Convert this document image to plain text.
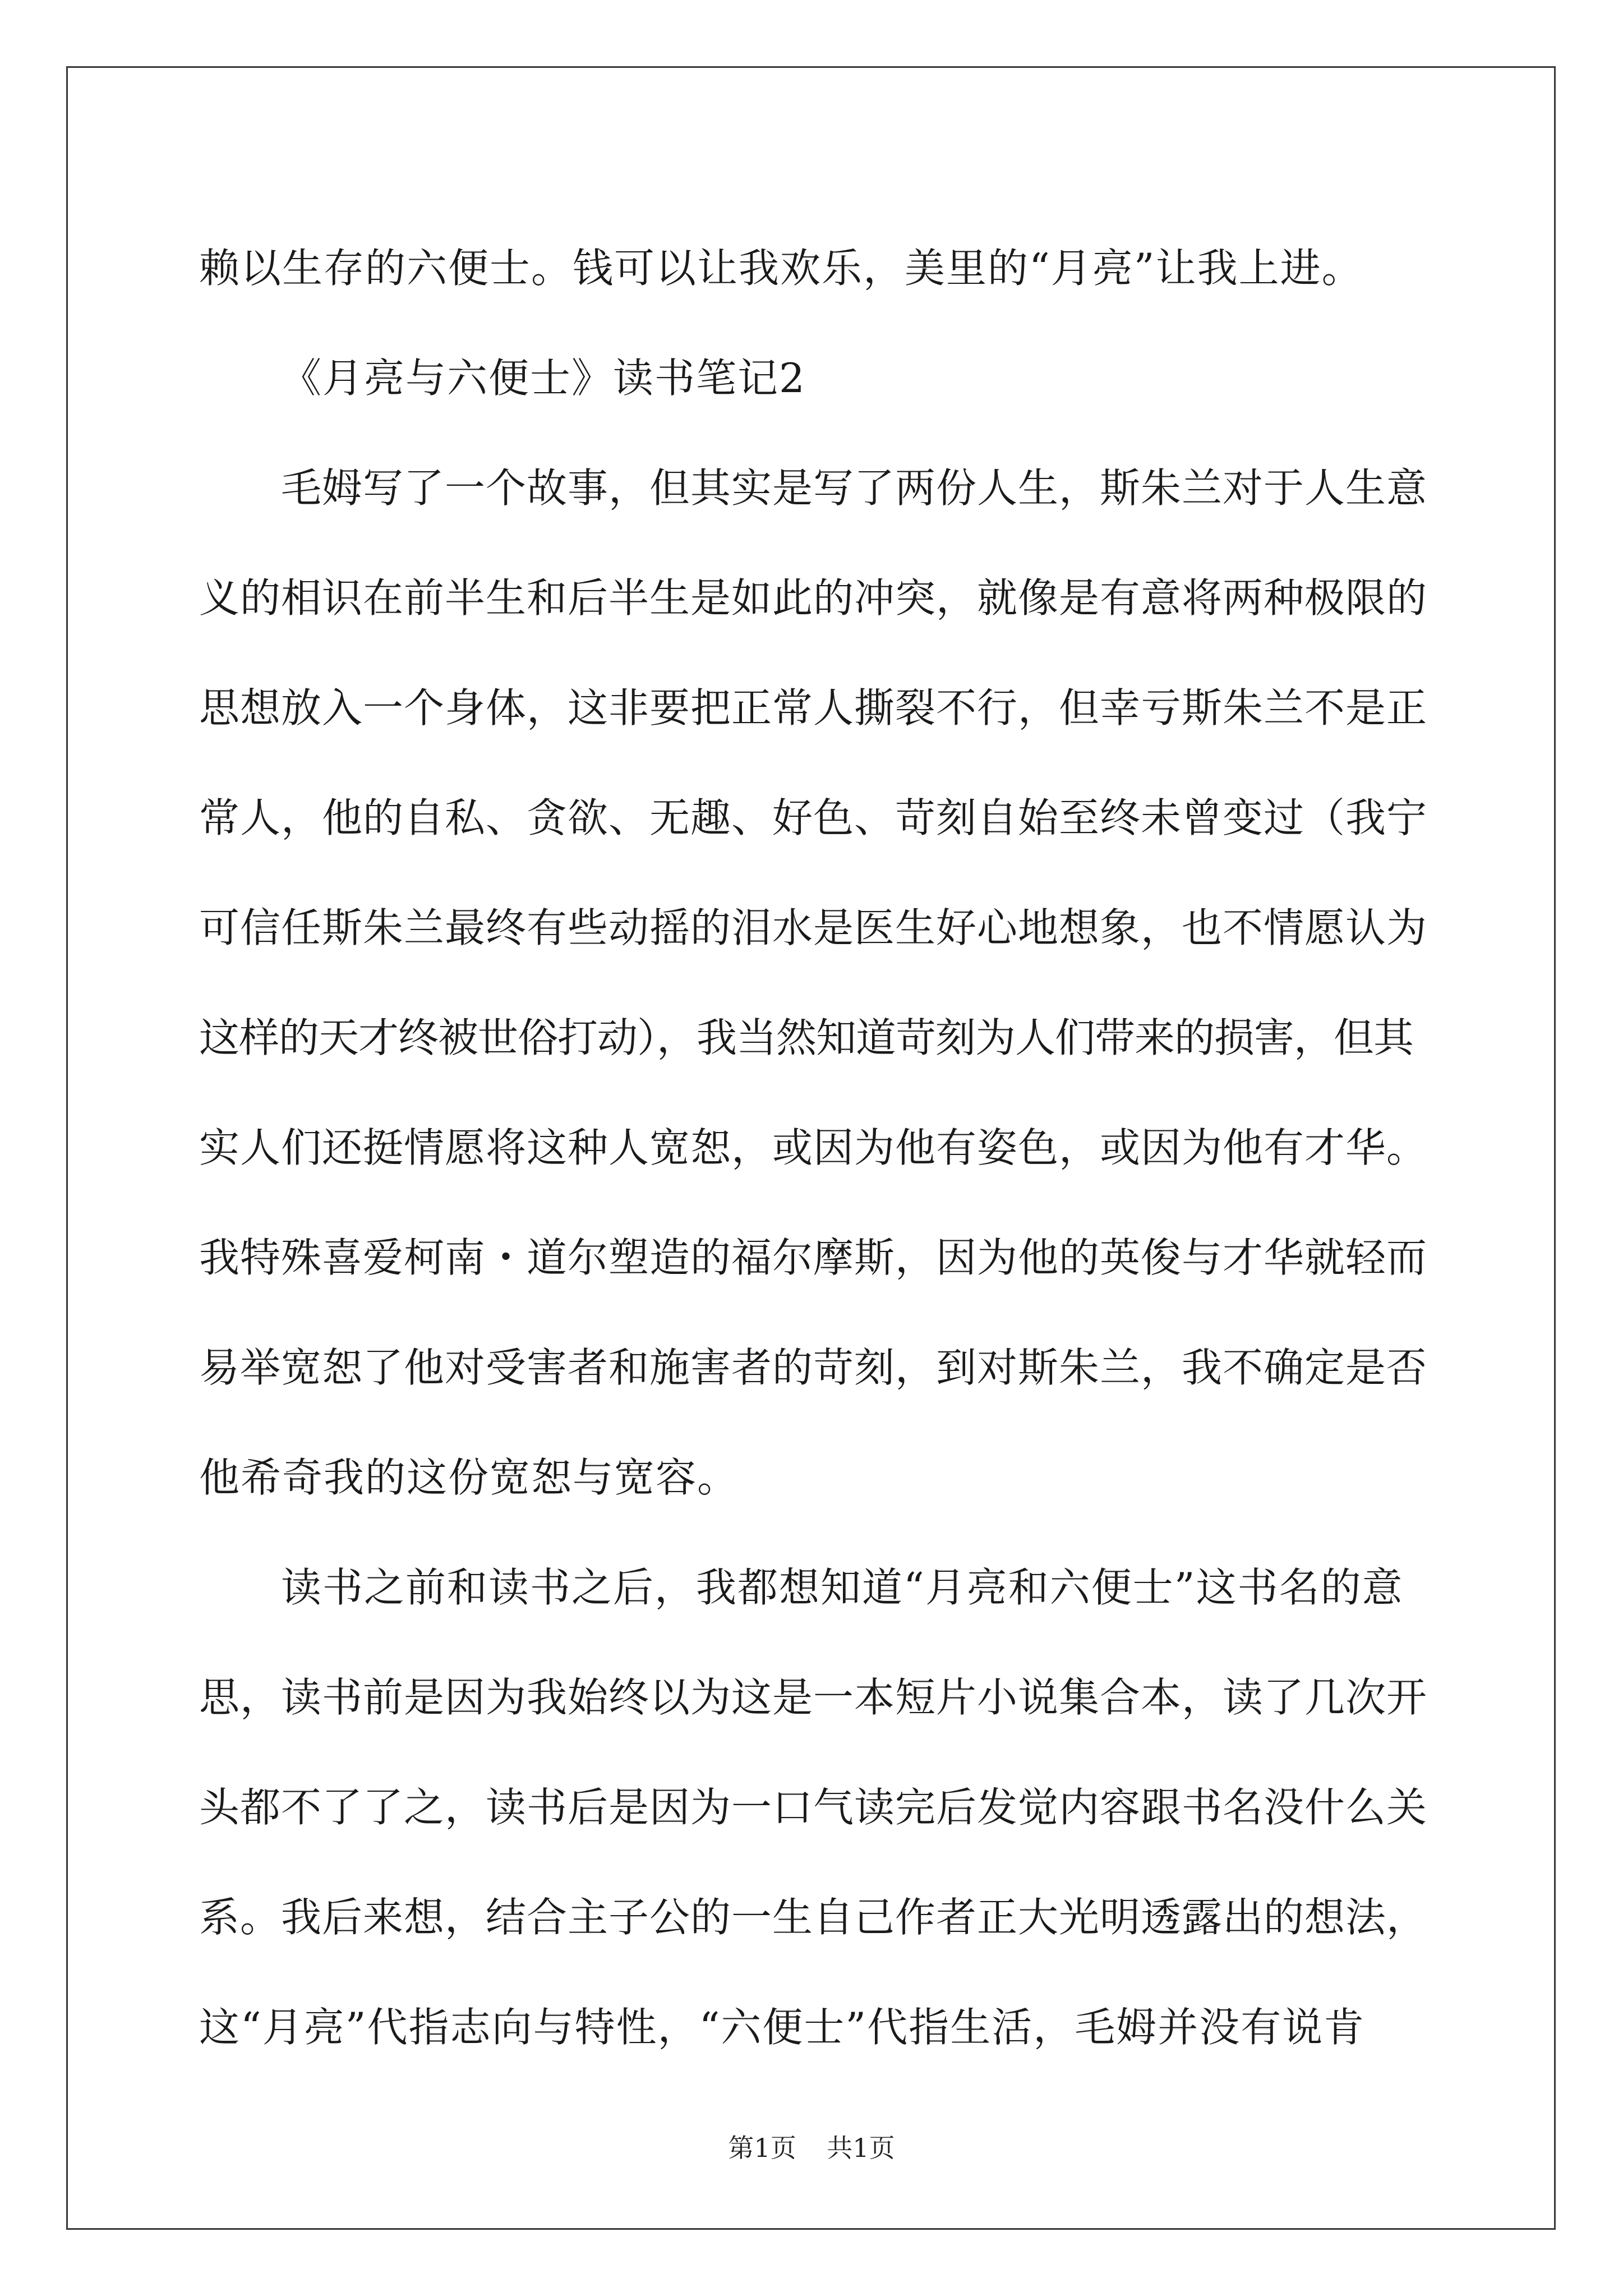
赖以生存的六便士。钱可以让我欢乐，美里的“月亮”让我上进。
《月亮与六便士》读书笔记2
毛姆写了一个故事，但其实是写了两份人生，斯朱兰对于人生意
义的相识在前半生和后半生是如此的冲突，就像是有意将两种极限的
思想放入一个身体，这非要把正常人撕裂不行，但幸亏斯朱兰不是正
常人，他的自私、贪欲、无趣、好色、苛刻自始至终未曾变过（我宁
可信任斯朱兰最终有些动摇的泪水是医生好心地想象，也不情愿认为
这样的天才终被世俗打动），我当然知道苛刻为人们带来的损害，但其
实人们还挺情愿将这种人宽恕，或因为他有姿色，或因为他有才华。
我特殊喜爱柯南・道尔塑造的福尔摩斯，因为他的英俊与才华就轻而
易举宽恕了他对受害者和施害者的苛刻，到对斯朱兰，我不确定是否
他希奇我的这份宽恕与宽容。
读书之前和读书之后，我都想知道“月亮和六便士”这书名的意
思，读书前是因为我始终以为这是一本短片小说集合本，读了几次开
头都不了了之，读书后是因为一口气读完后发觉内容跟书名没什么关
系。我后来想，结合主子公的一生自己作者正大光明透露出的想法，
这“月亮”代指志向与特性，“六便士”代指生活，毛姆并没有说肯
第1页 共1页
